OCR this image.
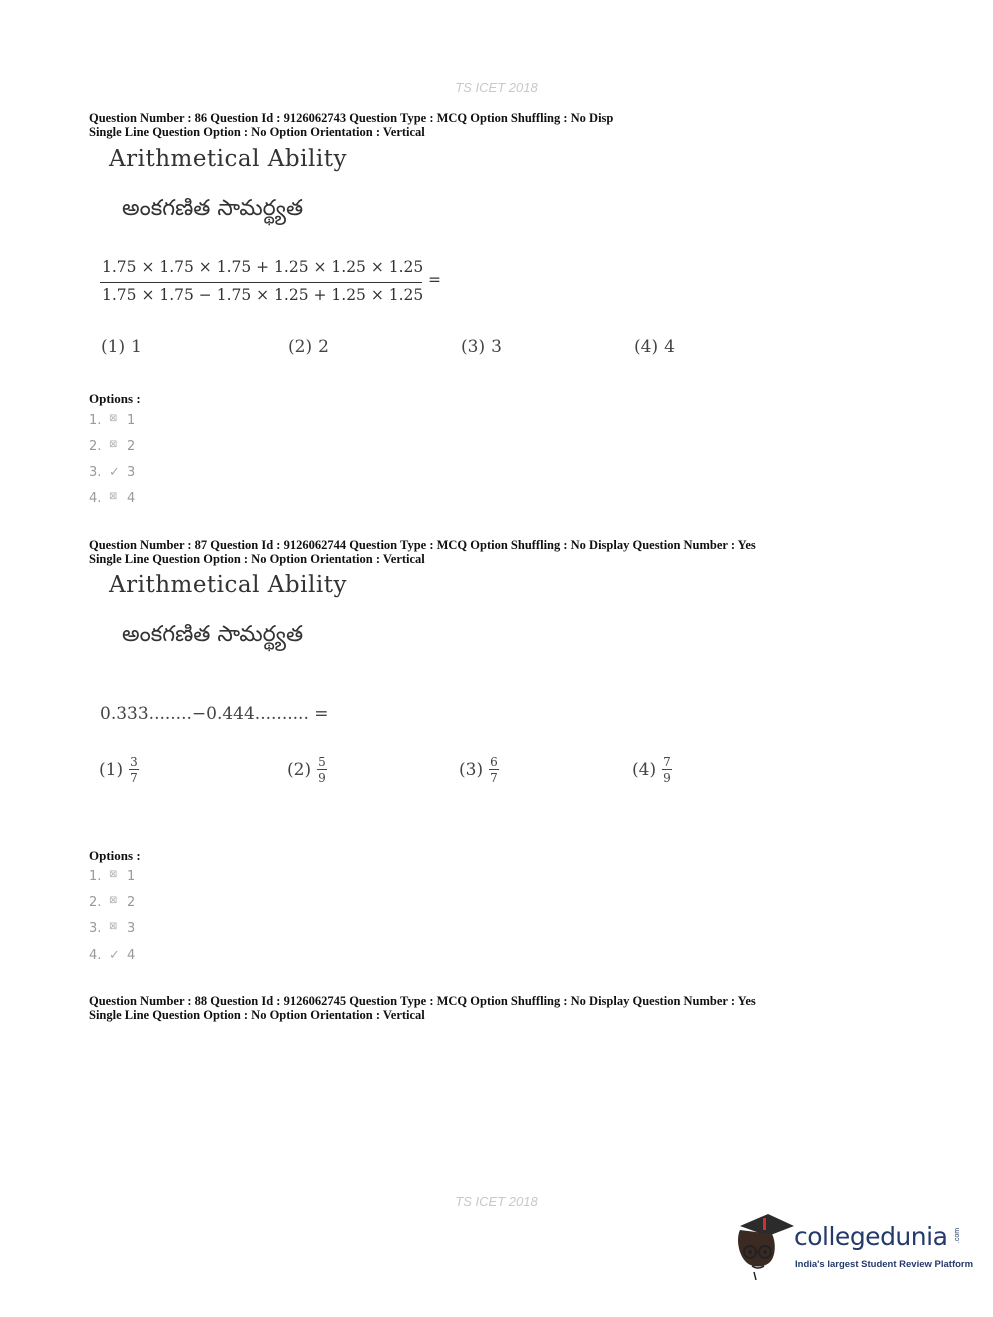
TS ICET 2018
Question Number : 86 Question Id : 9126062743 Question Type : MCQ Option Shuffling : No Disp
Single Line Question Option : No Option Orientation : Vertical
Arithmetical Ability
అంకగణిత సామర్థ్యత
1.75 × 1.75 × 1.75 + 1.25 × 1.25 × 1.25
1.75 × 1.75 − 1.75 × 1.25 + 1.25 × 1.25
=
(1) 1	(2) 2	(3) 3	(4) 4
Options :
1. ⊠ 1
2. ⊠ 2
3. ✓ 3
4. ⊠ 4
Question Number : 87 Question Id : 9126062744 Question Type : MCQ Option Shuffling : No Display Question Number : Yes
Single Line Question Option : No Option Orientation : Vertical
Arithmetical Ability
అంకగణిత సామర్థ్యత
0.333........−0.444.......... =
$(1) \frac{3}{7}$	$(2) \frac{5}{9}$	$(3) \frac{6}{7}$	$(4) \frac{7}{9}$
Options :
1. ⊠ 1
2. ⊠ 2
3. ⊠ 3
4. ✓ 4
Question Number : 88 Question Id : 9126062745 Question Type : MCQ Option Shuffling : No Display Question Number : Yes
Single Line Question Option : No Option Orientation : Vertical
TS ICET 2018
collegedunia .com
India's largest Student Review Platform
